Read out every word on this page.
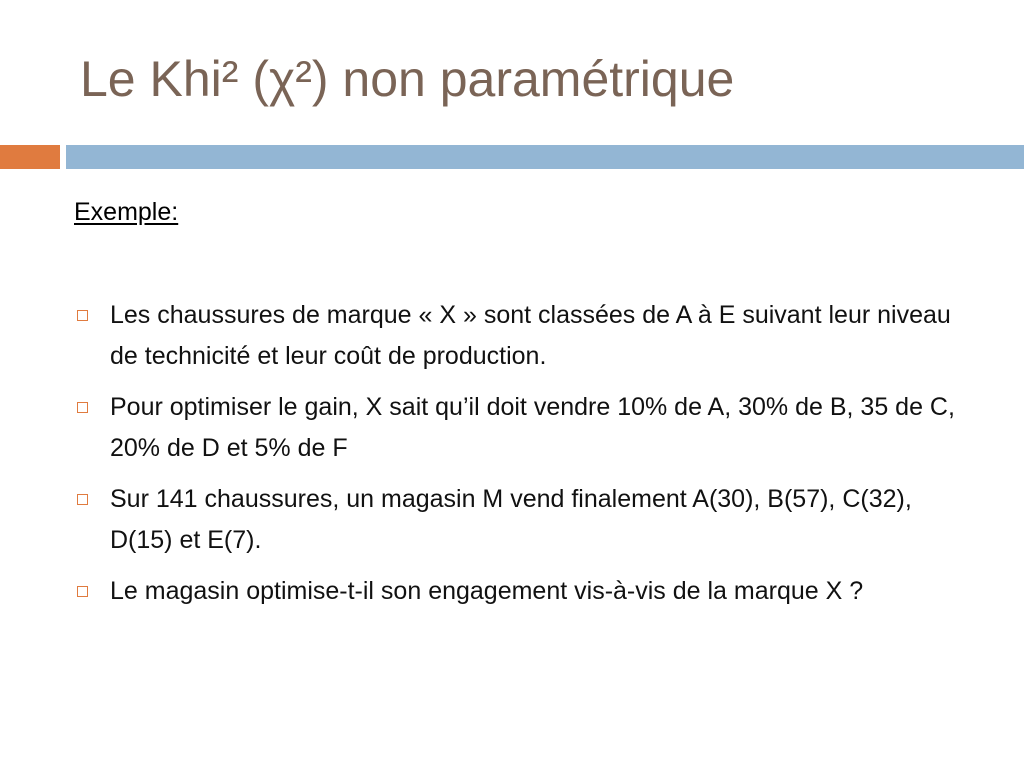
Le Khi² (χ²) non paramétrique
Exemple:
Les chaussures de marque « X » sont classées de A à E suivant leur niveau de technicité et leur coût de production.
Pour optimiser le gain, X sait qu’il doit vendre 10% de A, 30% de B, 35 de C, 20% de D et 5% de F
Sur 141 chaussures, un magasin M vend finalement A(30), B(57), C(32), D(15) et E(7).
Le magasin optimise-t-il son engagement vis-à-vis de la marque X ?
